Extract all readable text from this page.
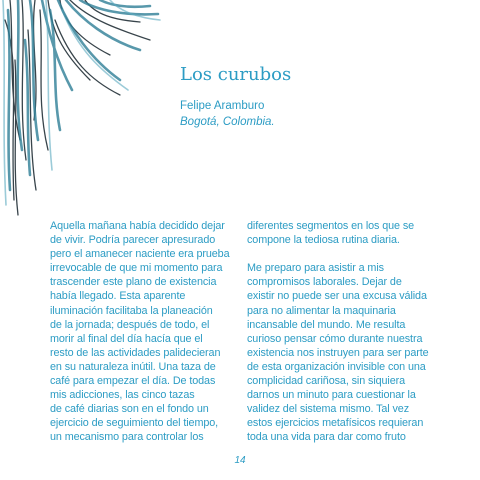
Los curubos

Felipe Aramburo

Bogotá, Colombia.

Aquella mañana había decidido dejar
de vivir. Podría parecer apresurado
pero el amanecer naciente era prueba
irrevocable de que mi momento para
trascender este plano de existencia
había llegado. Esta aparente
iluminación facilitaba la planeación
de la jornada; después de todo, el
morir al final del día hacía que el
resto de las actividades palidecieran
en su naturaleza inútil. Una taza de
café para empezar el día. De todas
mis adicciones, las cinco tazas
de café diarias son en el fondo un
ejercicio de seguimiento del tiempo,
un mecanismo para controlar los

diferentes segmentos en los que se
compone la tediosa rutina diaria.

Me preparo para asistir a mis
compromisos laborales. Dejar de
existir no puede ser una excusa válida
para no alimentar la maquinaria
incansable del mundo. Me resulta
curioso pensar cómo durante nuestra
existencia nos instruyen para ser parte
de esta organización invisible con una
complicidad cariñosa, sin siquiera
darnos un minuto para cuestionar la
validez del sistema mismo. Tal vez
estos ejercicios metafísicos requieran
toda una vida para dar como fruto

14
